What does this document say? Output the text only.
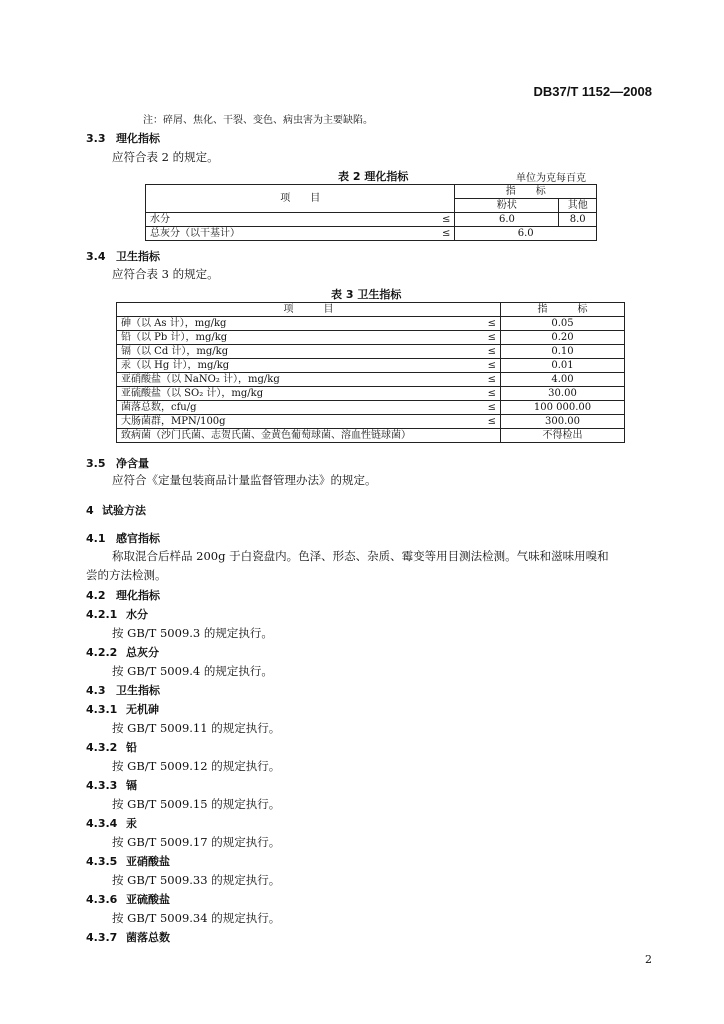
DB37/T 1152—2008
注：碎屑、焦化、干裂、变色、病虫害为主要缺陷。
3.3 理化指标
应符合表 2 的规定。
表 2 理化指标	单位为克每百克
项　　目		指　　标	
		粉状	其他
水分	≤	6.0	8.0
总灰分（以干基计）	≤	6.0	
3.4 卫生指标
应符合表 3 的规定。
表 3 卫生指标
项　　　目		指　　　标
砷（以 As 计），mg/kg	≤	0.05
铅（以 Pb 计），mg/kg	≤	0.20
镉（以 Cd 计），mg/kg	≤	0.10
汞（以 Hg 计），mg/kg	≤	0.01
亚硝酸盐（以 NaNO₂ 计），mg/kg	≤	4.00
亚硫酸盐（以 SO₂ 计），mg/kg	≤	30.00
菌落总数，cfu/g	≤	100 000.00
大肠菌群，MPN/100g	≤	300.00
致病菌（沙门氏菌、志贺氏菌、金黄色葡萄球菌、溶血性链球菌）		不得检出
3.5 净含量
应符合《定量包装商品计量监督管理办法》的规定。
4 试验方法
4.1 感官指标
称取混合后样品 200g 于白瓷盘内。色泽、形态、杂质、霉变等用目测法检测。气味和滋味用嗅和
尝的方法检测。
4.2 理化指标
4.2.1 水分
按 GB/T 5009.3 的规定执行。
4.2.2 总灰分
按 GB/T 5009.4 的规定执行。
4.3 卫生指标
4.3.1 无机砷
按 GB/T 5009.11 的规定执行。
4.3.2 铅
按 GB/T 5009.12 的规定执行。
4.3.3 镉
按 GB/T 5009.15 的规定执行。
4.3.4 汞
按 GB/T 5009.17 的规定执行。
4.3.5 亚硝酸盐
按 GB/T 5009.33 的规定执行。
4.3.6 亚硫酸盐
按 GB/T 5009.34 的规定执行。
4.3.7 菌落总数
2
